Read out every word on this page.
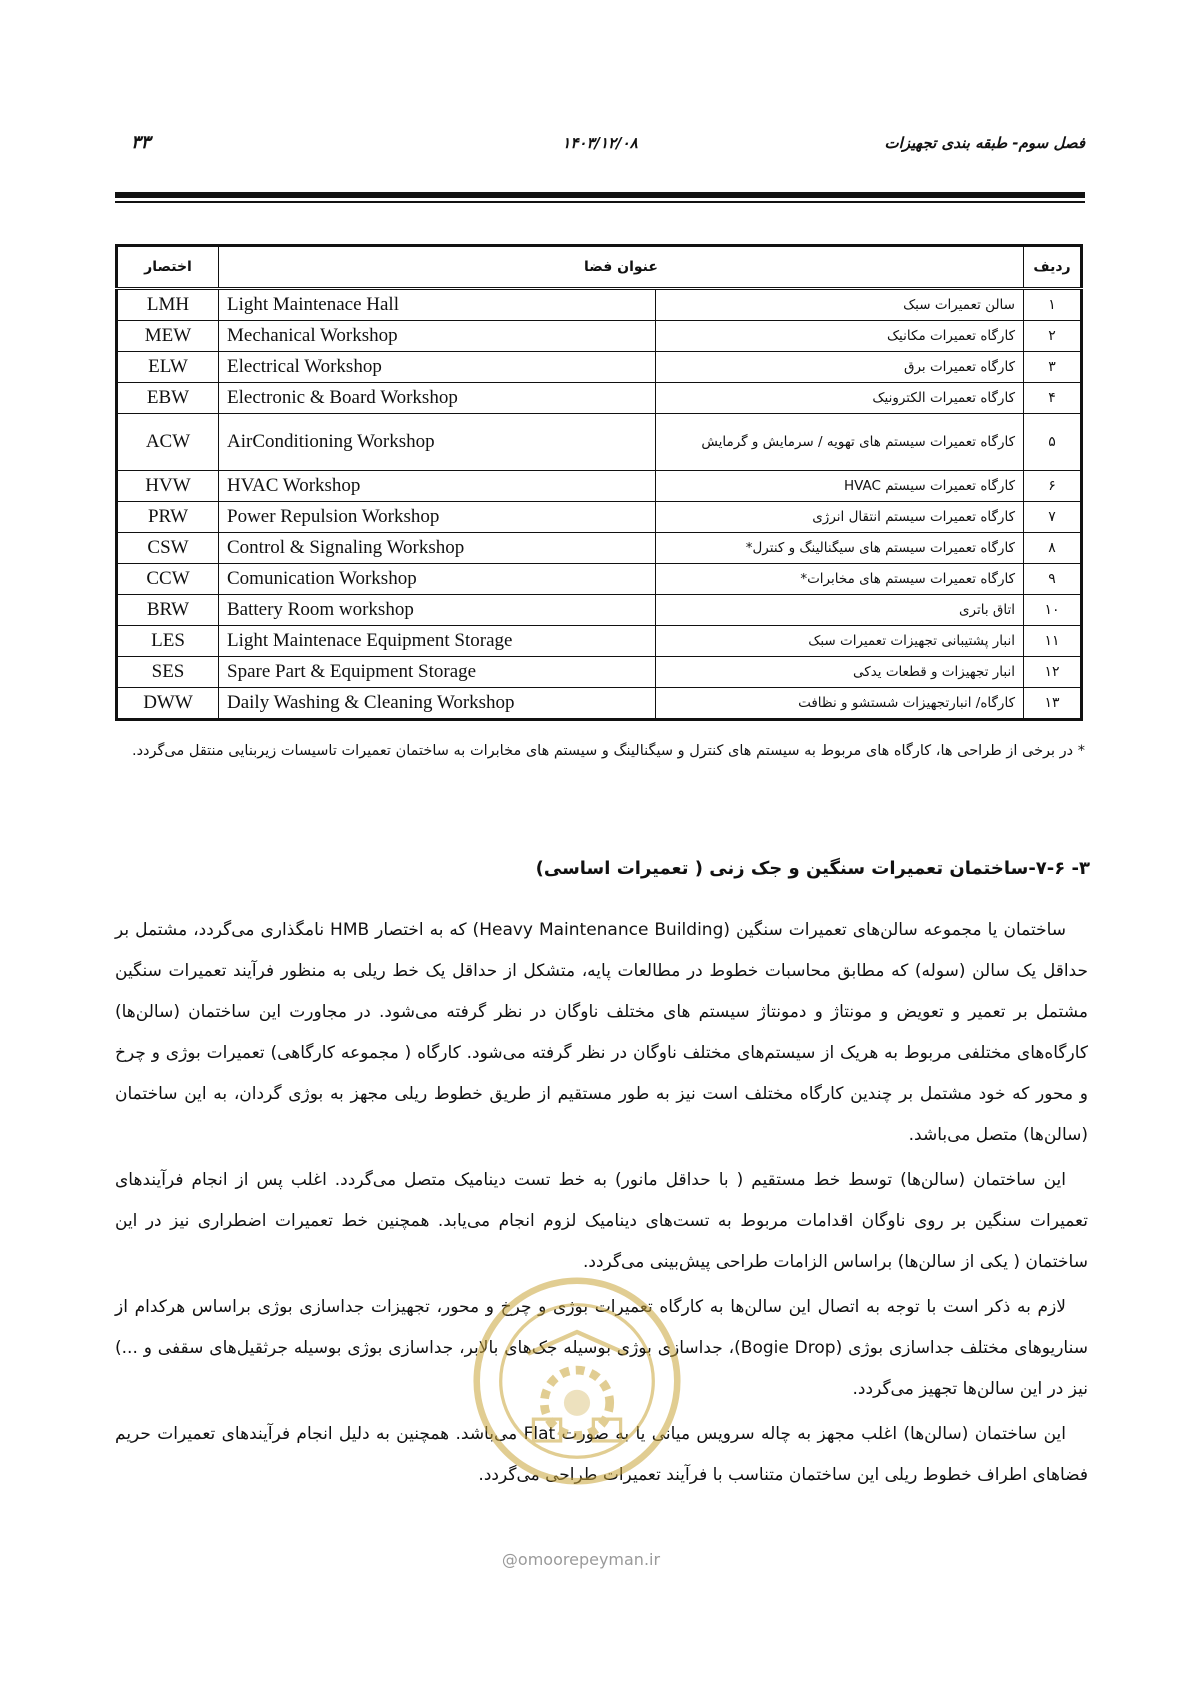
فصل سوم- طبقه بندی تجهیزات
۱۴۰۳/۱۲/۰۸
۳۳
اختصار	عنوان فضا		ردیف
LMH	Light Maintenace Hall	سالن تعمیرات سبک	۱
MEW	Mechanical Workshop	کارگاه تعمیرات مکانیک	۲
ELW	Electrical Workshop	کارگاه تعمیرات برق	۳
EBW	Electronic & Board Workshop	کارگاه تعمیرات الکترونیک	۴
ACW	AirConditioning Workshop	کارگاه تعمیرات سیستم های تهویه / سرمایش و گرمایش	۵
HVW	HVAC Workshop	کارگاه تعمیرات سیستم HVAC	۶
PRW	Power Repulsion Workshop	کارگاه تعمیرات سیستم انتقال انرژی	۷
CSW	Control & Signaling Workshop	کارگاه تعمیرات سیستم های سیگنالینگ و کنترل*	۸
CCW	Comunication Workshop	کارگاه تعمیرات سیستم های مخابرات*	۹
BRW	Battery Room workshop	اتاق باتری	۱۰
LES	Light Maintenace Equipment Storage	انبار پشتیبانی تجهیزات تعمیرات سبک	۱۱
SES	Spare Part & Equipment Storage	انبار تجهیزات و قطعات یدکی	۱۲
DWW	Daily Washing & Cleaning Workshop	کارگاه/ انبارتجهیزات شستشو و نظافت	۱۳
* در برخی از طراحی ها، کارگاه های مربوط به سیستم های کنترل و سیگنالینگ و سیستم های مخابرات به ساختمان تعمیرات تاسیسات زیربنایی منتقل می‌گردد.
۳- ۷-۶-ساختمان تعمیرات سنگین و جک زنی ( تعمیرات اساسی)

ساختمان یا مجموعه سالن‌های تعمیرات سنگین (Heavy Maintenance Building) که به اختصار HMB نامگذاری می‌گردد، مشتمل بر حداقل یک سالن (سوله) که مطابق محاسبات خطوط در مطالعات پایه، متشکل از حداقل یک خط ریلی به منظور فرآیند تعمیرات سنگین مشتمل بر تعمیر و تعویض و مونتاژ و دمونتاژ سیستم های مختلف ناوگان در نظر گرفته می‌شود. در مجاورت این ساختمان (سالن‌ها) کارگاه‌های مختلفی مربوط به هریک از سیستم‌های مختلف ناوگان در نظر گرفته می‌شود. کارگاه ( مجموعه کارگاهی) تعمیرات بوژی و چرخ و محور که خود مشتمل بر چندین کارگاه مختلف است نیز به طور مستقیم از طریق خطوط ریلی مجهز به بوژی گردان، به این ساختمان (سالن‌ها) متصل می‌باشد.

این ساختمان (سالن‌ها) توسط خط مستقیم ( با حداقل مانور) به خط تست دینامیک متصل می‌گردد. اغلب پس از انجام فرآیندهای تعمیرات سنگین بر روی ناوگان اقدامات مربوط به تست‌های دینامیک لزوم انجام می‌یابد. همچنین خط تعمیرات اضطراری نیز در این ساختمان ( یکی از سالن‌ها) براساس الزامات طراحی پیش‌بینی می‌گردد.

لازم به ذکر است با توجه به اتصال این سالن‌ها به کارگاه تعمیرات بوژی و چرخ و محور، تجهیزات جداسازی بوژی براساس هرکدام از سناریوهای مختلف جداسازی بوژی (Bogie Drop)، جداسازی بوژی بوسیله جک‌های بالابر، جداسازی بوژی بوسیله جرثقیل‌های سقفی و ...) نیز در این سالن‌ها تجهیز می‌گردد.

این ساختمان (سالن‌ها) اغلب مجهز به چاله سرویس میانی یا به صورت Flat می‌باشد. همچنین به دلیل انجام فرآیندهای تعمیرات حریم فضاهای اطراف خطوط ریلی این ساختمان متناسب با فرآیند تعمیرات طراحی می‌گردد.

@omoorepeyman.ir
